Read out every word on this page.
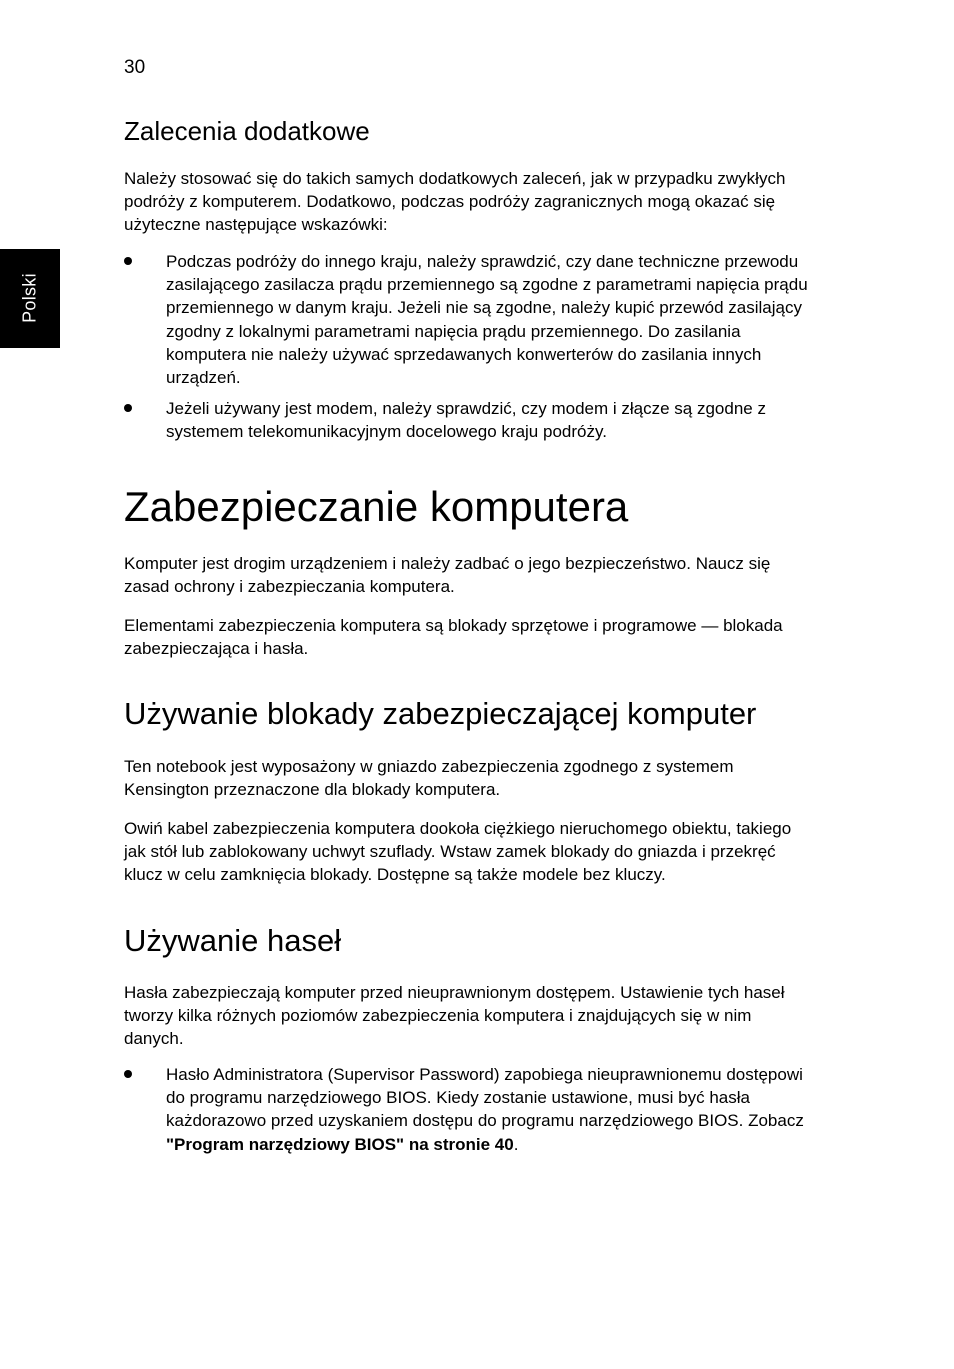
30
Polski
Zalecenia dodatkowe

Należy stosować się do takich samych dodatkowych zaleceń, jak w przypadku zwykłych podróży z komputerem. Dodatkowo, podczas podróży zagranicznych mogą okazać się użyteczne następujące wskazówki:

Podczas podróży do innego kraju, należy sprawdzić, czy dane techniczne przewodu zasilającego zasilacza prądu przemiennego są zgodne z parametrami napięcia prądu przemiennego w danym kraju. Jeżeli nie są zgodne, należy kupić przewód zasilający zgodny z lokalnymi parametrami napięcia prądu przemiennego. Do zasilania komputera nie należy używać sprzedawanych konwerterów do zasilania innych urządzeń.
Jeżeli używany jest modem, należy sprawdzić, czy modem i złącze są zgodne z systemem telekomunikacyjnym docelowego kraju podróży.
Zabezpieczanie komputera

Komputer jest drogim urządzeniem i należy zadbać o jego bezpieczeństwo. Naucz się zasad ochrony i zabezpieczania komputera.

Elementami zabezpieczenia komputera są blokady sprzętowe i programowe — blokada zabezpieczająca i hasła.

Używanie blokady zabezpieczającej komputer

Ten notebook jest wyposażony w gniazdo zabezpieczenia zgodnego z systemem Kensington przeznaczone dla blokady komputera.

Owiń kabel zabezpieczenia komputera dookoła ciężkiego nieruchomego obiektu, takiego jak stół lub zablokowany uchwyt szuflady. Wstaw zamek blokady do gniazda i przekręć klucz w celu zamknięcia blokady. Dostępne są także modele bez kluczy.

Używanie haseł

Hasła zabezpieczają komputer przed nieuprawnionym dostępem. Ustawienie tych haseł tworzy kilka różnych poziomów zabezpieczenia komputera i znajdujących się w nim danych.

Hasło Administratora (Supervisor Password) zapobiega nieuprawnionemu dostępowi do programu narzędziowego BIOS. Kiedy zostanie ustawione, musi być hasła każdorazowo przed uzyskaniem dostępu do programu narzędziowego BIOS. Zobacz "Program narzędziowy BIOS" na stronie 40.
